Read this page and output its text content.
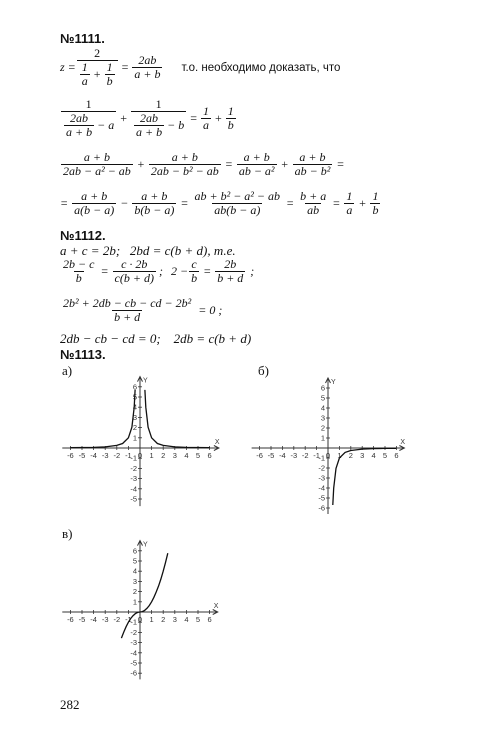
№1111.
$z = \frac{2}{\frac{1}{a} + \frac{1}{b}} = \frac{2ab}{a + b} т.о$. необходимо доказать, что
$\frac{1}{\frac{2ab}{a + b} - a} + \frac{1}{\frac{2ab}{a + b} - b} = \frac{1}{a} + \frac{1}{b}$
$\frac{a + b}{\text{2ab − a² − ab}} + \frac{a + b}{\text{2ab − b² − ab}} = \frac{a + b}{\text{ab − a²}} + \frac{a + b}{\text{ab − b²}}$ =
= $\frac{a + b}{a(b - a)} - \frac{a + b}{b(b - a)} = \frac{\text{ab + b² − a² − ab}}{ab(b - a)} = \frac{b + a}{ab} = \frac{1}{a} + \frac{1}{b}$
№1112.
a + c = 2b;   2bd = c(b + d), т.е.
$\frac{2b - c}{b} = \frac{c \cdot 2b}{c(b + d)}$ ; $2 - \frac{c}{b} = \frac{2b}{b + d}$ ;
$\frac{\text{2b² + 2db − cb − cd − 2b²}}{b + d} = 0$ ;
2db − cb − cd = 0;    2db = c(b + d)
№1113.
а)	б)
в)
X
Y
-6 -5 -4 -3 -2 -1 0 1 2 3 4 5 6
6
5
4
3
2
1
-1
-2
-3
-4
-5
X
Y
-6 -5 -4 -3 -2 -1 0 1 2 3 4 5 6
6
5
4
3
2
1
-1
-2
-3
-4
-5
-6
X
Y
-6 -5 -4 -3 -2 -1 0 1 2 3 4 5 6
6
5
4
3
2
1
-1
-2
-3
-4
-5
-6
282
